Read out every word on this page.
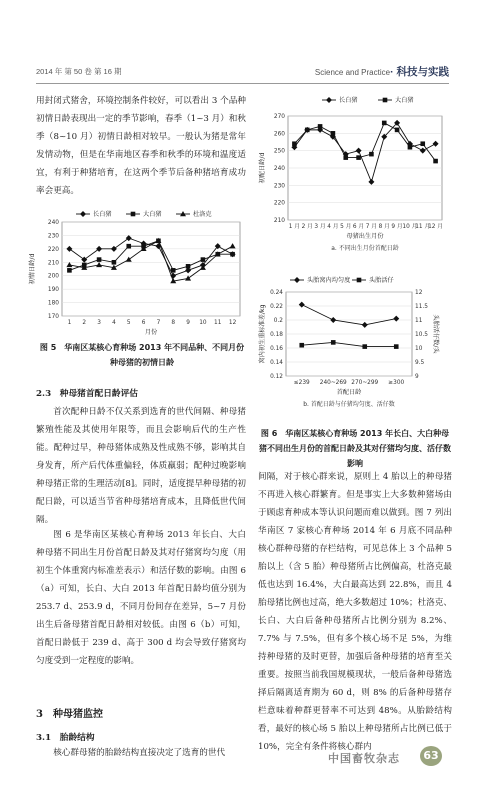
2014 年 第 50 卷 第 16 期	Science and Practice· 科技与实践

用封闭式猪舍，环境控制条件较好，可以看出 3 个品种初情日龄表现出一定的季节影响，春季（1~3 月）和秋季（8~10 月）初情日龄相对较早。一般认为猪是常年发情动物，但是在华南地区春季和秋季的环境和温度适宜，有利于种猪培育，在这两个季节后备种猪培育成功率会更高。

170
180
190
200
210
220
230
240
1 2 3 4 5 6 7 8 9 10 11 12
初情日龄/d
月份
长白猪	大白猪	杜洛克

图 5　华南区某核心育种场 2013 年不同品种、不同月份种母猪的初情日龄

2.3　种母猪首配日龄评估

首次配种日龄不仅关系到选育的世代间隔、种母猪繁殖性能及其使用年限等，而且会影响后代的生产性能。配种过早，种母猪体成熟及性成熟不够，影响其自身发育，所产后代体重偏轻，体质羸弱；配种过晚影响种母猪正常的生理活动[8]。同时，适度提早种母猪的初配日龄，可以适当节省种母猪培育成本，且降低世代间隔。

图 6 是华南区某核心育种场 2013 年长白、大白种母猪不同出生月份首配日龄及其对仔猪窝均匀度（用初生个体重窝内标准差表示）和活仔数的影响。由图 6（a）可知，长白、大白 2013 年首配日龄均值分别为 253.7 d、253.9 d，不同月份间存在差异，5~7 月份出生后备母猪首配日龄相对较低。由图 6（b）可知，首配日龄低于 239 d、高于 300 d 均会导致仔猪窝均匀度受到一定程度的影响。

3　种母猪监控

3.1　胎龄结构

核心群母猪的胎龄结构直接决定了选育的世代

210
220
230
240
250
260
270
1 月 2 月 3 月 4 月 5 月 6 月 7 月 8 月 9 月 10 月
11 月
12 月
初配日龄/d
母猪出生月份
a. 不同出生月份首配日龄
长白猪	大白猪
0.12
0.14
0.16
0.18
0.2
0.22
0.24
≤239 240~269 270~299 ≥300
9
9.5
10
10.5
11
11.5
12
头胎活仔数/头
窝内初生重标准差/kg
首配日龄
b. 首配日龄与仔猪均匀度、活仔数
头胎窝内均匀度	头胎活仔

图 6　华南区某核心育种场 2013 年长白、大白种母猪不同出生月份的首配日龄及其对仔猪均匀度、活仔数影响

间隔，对于核心群来说，原则上 4 胎以上的种母猪不再进入核心群繁育。但是事实上大多数种猪场由于顾虑育种成本等认识问题而难以做到。图 7 列出华南区 7 家核心育种场 2014 年 6 月底不同品种核心群种母猪的存栏结构，可见总体上 3 个品种 5 胎以上（含 5 胎）种母猪所占比例偏高，杜洛克最低也达到 16.4%，大白最高达到 22.8%，而且 4 胎母猪比例也过高，绝大多数超过 10%；杜洛克、长白、大白后备种母猪所占比例分别为 8.2%、7.7% 与 7.5%，但有多个核心场不足 5%，为维持种母猪的及时更替，加强后备种母猪的培育至关重要。按照当前我国规模现状，一般后备种母猪选择后隔离适育期为 60 d，则 8% 的后备种母猪存栏意味着种群更替率不可达到 48%。从胎龄结构看，最好的核心场 5 胎以上种母猪所占比例已低于 10%，完全有条件将核心群内

中国畜牧杂志	63
